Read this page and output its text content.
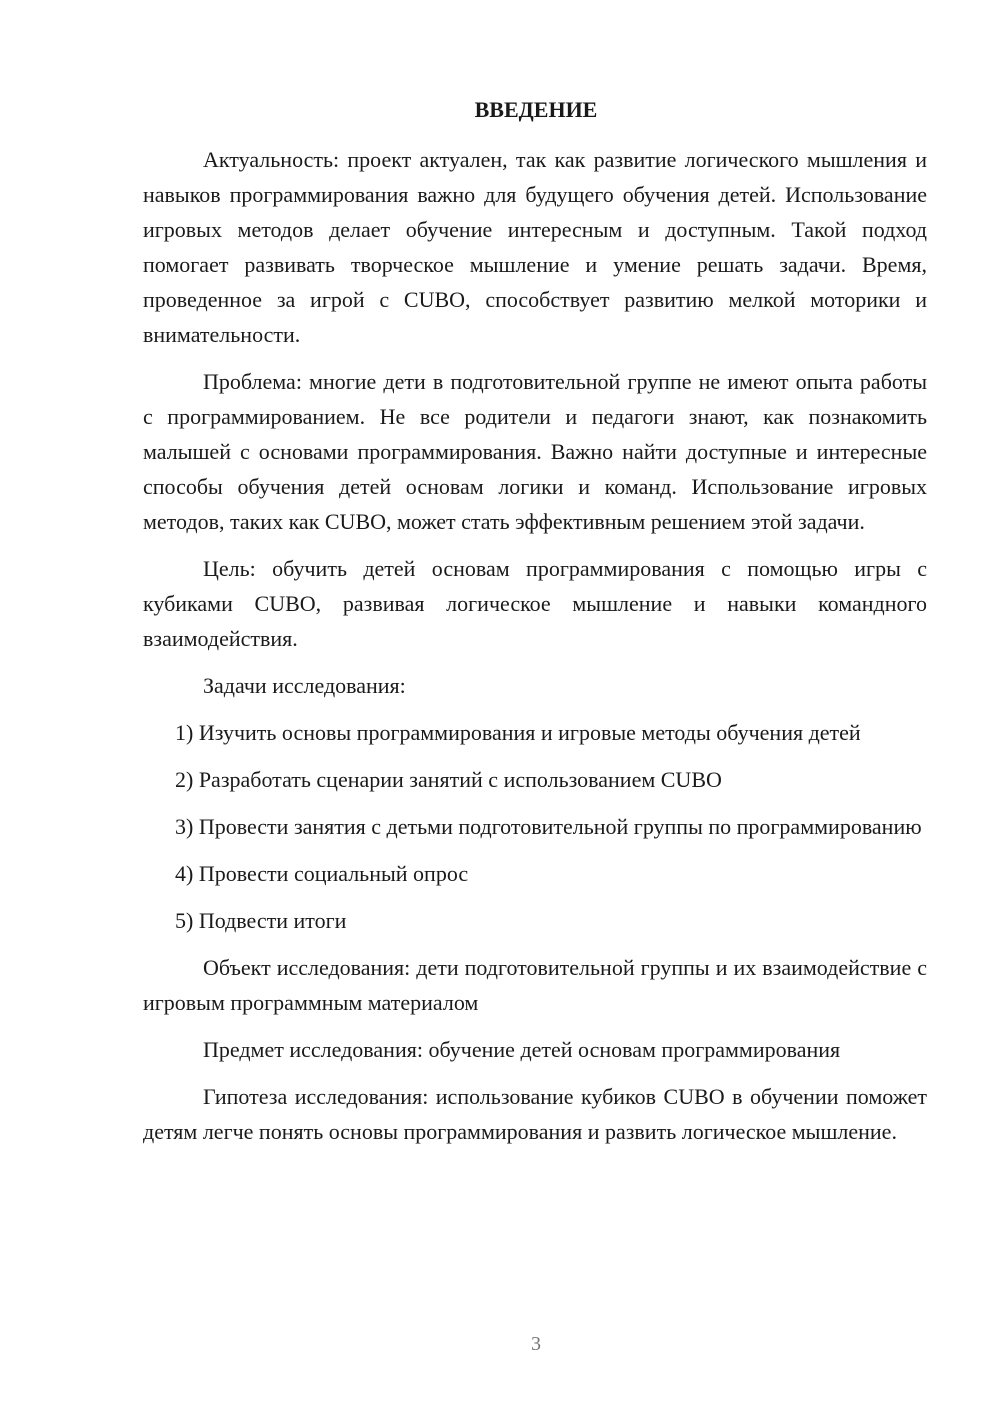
ВВЕДЕНИЕ

Актуальность: проект актуален, так как развитие логического мышления и навыков программирования важно для будущего обучения детей. Использование игровых методов делает обучение интересным и доступным. Такой подход помогает развивать творческое мышление и умение решать задачи. Время, проведенное за игрой с CUBO, способствует развитию мелкой моторики и внимательности.

Проблема: многие дети в подготовительной группе не имеют опыта работы с программированием. Не все родители и педагоги знают, как познакомить малышей с основами программирования. Важно найти доступные и интересные способы обучения детей основам логики и команд. Использование игровых методов, таких как CUBO, может стать эффективным решением этой задачи.

Цель: обучить детей основам программирования с помощью игры с кубиками CUBO, развивая логическое мышление и навыки командного взаимодействия.

Задачи исследования:

1) Изучить основы программирования и игровые методы обучения детей

2) Разработать сценарии занятий с использованием CUBO

3) Провести занятия с детьми подготовительной группы по программированию

4) Провести социальный опрос

5) Подвести итоги

Объект исследования: дети подготовительной группы и их взаимодействие с игровым программным материалом

Предмет исследования: обучение детей основам программирования

Гипотеза исследования: использование кубиков CUBO в обучении поможет детям легче понять основы программирования и развить логическое мышление.

3
